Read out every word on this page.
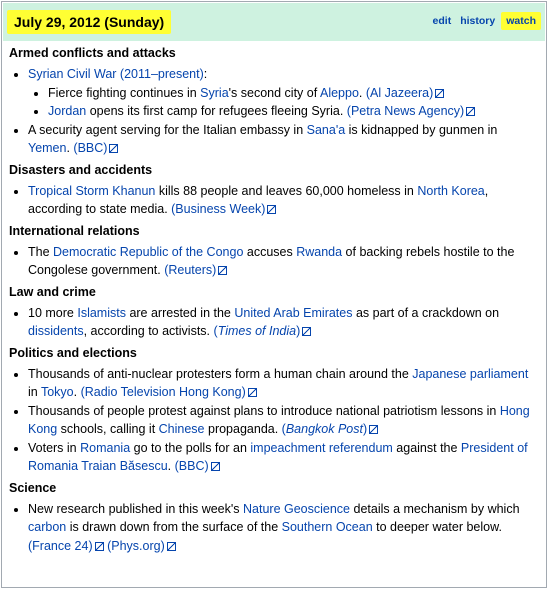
July 29, 2012 (Sunday)	edit history	watch
Armed conflicts and attacks
• Syrian Civil War (2011–present):
• Fierce fighting continues in Syria's second city of Aleppo. (Al Jazeera)
• Jordan opens its first camp for refugees fleeing Syria. (Petra News Agency)
• A security agent serving for the Italian embassy in Sana'a is kidnapped by gunmen in Yemen. (BBC)
Disasters and accidents
• Tropical Storm Khanun kills 88 people and leaves 60,000 homeless in North Korea, according to state media. (Business Week)
International relations
• The Democratic Republic of the Congo accuses Rwanda of backing rebels hostile to the Congolese government. (Reuters)
Law and crime
• 10 more Islamists are arrested in the United Arab Emirates as part of a crackdown on dissidents, according to activists. (Times of India)
Politics and elections
• Thousands of anti-nuclear protesters form a human chain around the Japanese parliament in Tokyo. (Radio Television Hong Kong)
• Thousands of people protest against plans to introduce national patriotism lessons in Hong Kong schools, calling it Chinese propaganda. (Bangkok Post)
• Voters in Romania go to the polls for an impeachment referendum against the President of Romania Traian Băsescu. (BBC)
Science
• New research published in this week's Nature Geoscience details a mechanism by which carbon is drawn down from the surface of the Southern Ocean to deeper water below. (France 24) (Phys.org)
